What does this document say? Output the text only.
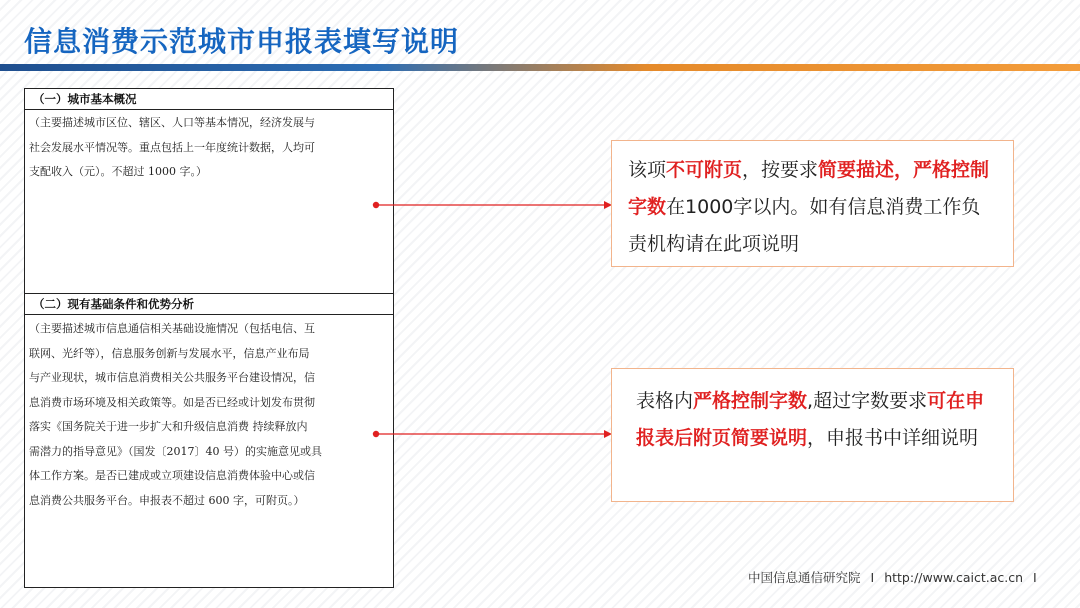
信息消费示范城市申报表填写说明
（一）城市基本概况
（主要描述城市区位、辖区、人口等基本情况，经济发展与
社会发展水平情况等。重点包括上一年度统计数据，人均可
支配收入（元）。不超过 1000 字。）
（二）现有基础条件和优势分析
（主要描述城市信息通信相关基础设施情况（包括电信、互
联网、光纤等），信息服务创新与发展水平，信息产业布局
与产业现状，城市信息消费相关公共服务平台建设情况，信
息消费市场环境及相关政策等。如是否已经或计划发布贯彻
落实《国务院关于进一步扩大和升级信息消费 持续释放内
需潜力的指导意见》（国发〔2017〕40 号）的实施意见或具
体工作方案。是否已建成或立项建设信息消费体验中心或信
息消费公共服务平台。申报表不超过 600 字，可附页。）
该项不可附页，按要求简要描述，严格控制字数在1000字以内。如有信息消费工作负责机构请在此项说明
表格内严格控制字数,超过字数要求可在申报表后附页简要说明，申报书中详细说明
中国信息通信研究院 I http://www.caict.ac.cn I
